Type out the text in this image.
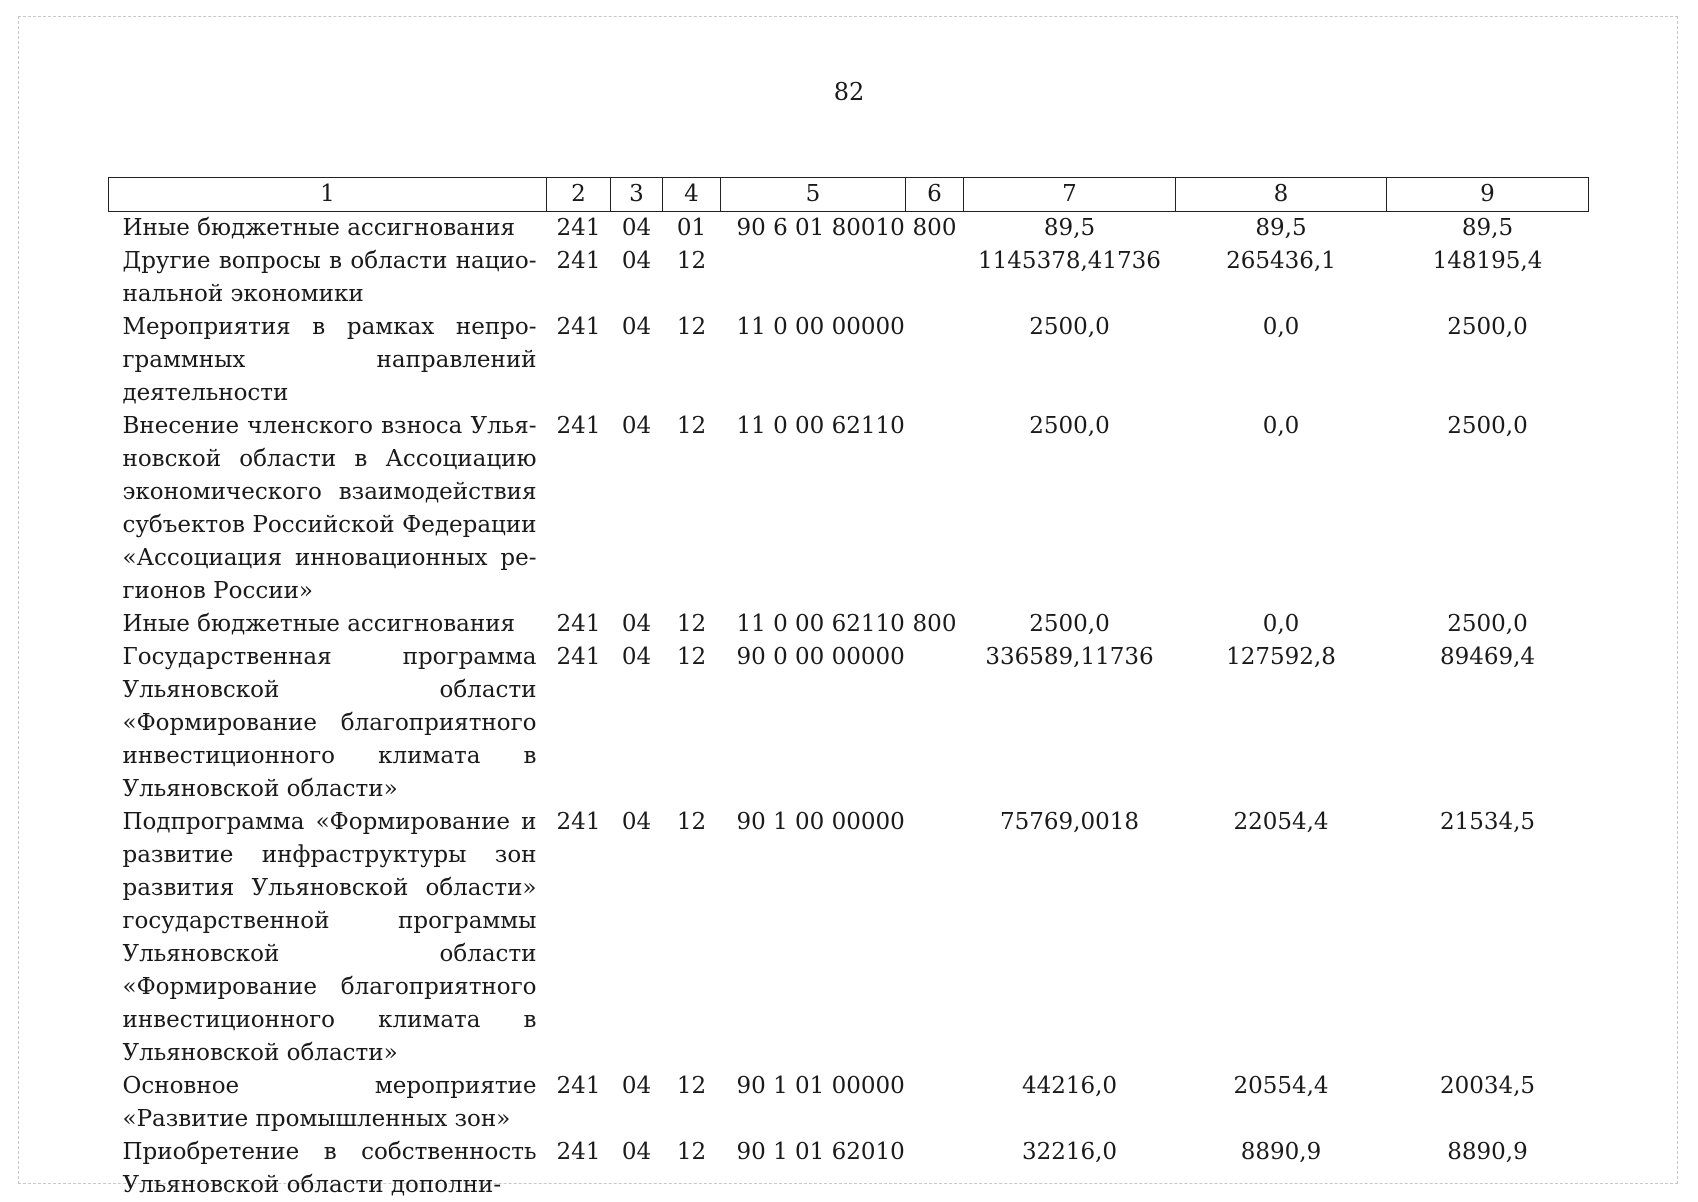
82
1	2	3	4	5	6	7	8	9
Иные бюджетные ассигнования	241	04	01	90 6 01 80010	800	89,5	89,5	89,5
Другие вопросы в области национальной экономики	241	04	12			1145378,41736	265436,1	148195,4
Мероприятия в рамках непрограммных направлений деятельности	241	04	12	11 0 00 00000		2500,0	0,0	2500,0
Внесение членского взноса Ульяновской области в Ассоциацию экономического взаимодействия субъектов Российской Федерации «Ассоциация инновационных регионов России»	241	04	12	11 0 00 62110		2500,0	0,0	2500,0
Иные бюджетные ассигнования	241	04	12	11 0 00 62110	800	2500,0	0,0	2500,0
Государственная программа Ульяновской области «Формирование благоприятного инвестиционного климата в Ульяновской области»	241	04	12	90 0 00 00000		336589,11736	127592,8	89469,4
Подпрограмма «Формирование и развитие инфраструктуры зон развития Ульяновской области» государственной программы Ульяновской области «Формирование благоприятного инвестиционного климата в Ульяновской области»	241	04	12	90 1 00 00000		75769,0018	22054,4	21534,5
Основное мероприятие «Развитие промышленных зон»	241	04	12	90 1 01 00000		44216,0	20554,4	20034,5
Приобретение в собственность Ульяновской области дополни-	241	04	12	90 1 01 62010		32216,0	8890,9	8890,9
